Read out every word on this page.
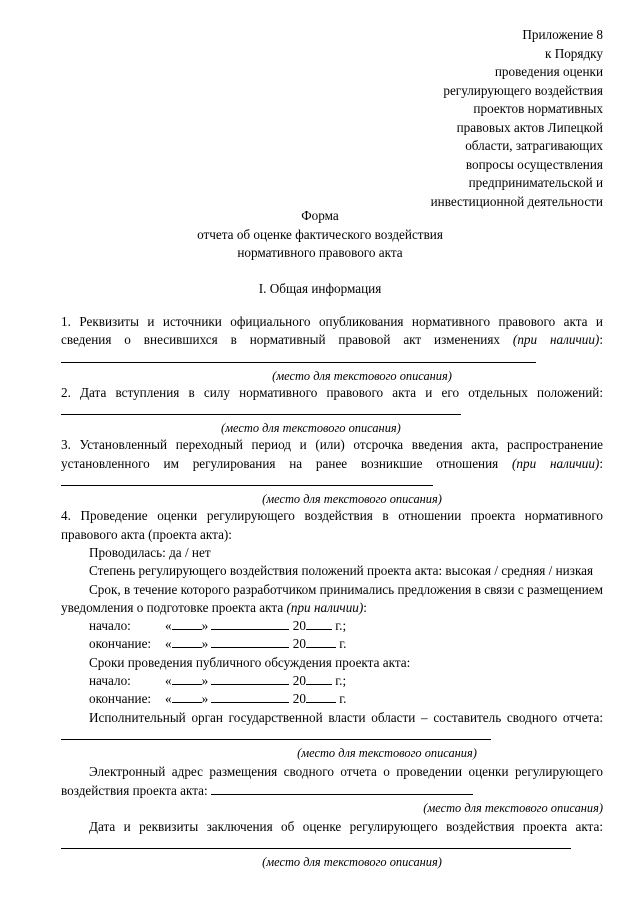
Приложение 8
к Порядку
проведения оценки
регулирующего воздействия
проектов нормативных
правовых актов Липецкой
области, затрагивающих
вопросы осуществления
предпринимательской и
инвестиционной деятельности
Форма
отчета об оценке фактического воздействия
нормативного правового акта
I. Общая информация
1. Реквизиты и источники официального опубликования нормативного правового акта и сведения о внесившихся в нормативный правовой акт изменениях (при наличии):
(место для текстового описания)
2. Дата вступления в силу нормативного правового акта и его отдельных положений:
(место для текстового описания)
3. Установленный переходный период и (или) отсрочка введения акта, распространение установленного им регулирования на ранее возникшие отношения (при наличии):
(место для текстового описания)
4. Проведение оценки регулирующего воздействия в отношении проекта нормативного правового акта (проекта акта):
Проводилась: да / нет
Степень регулирующего воздействия положений проекта акта: высокая / средняя / низкая
Срок, в течение которого разработчиком принимались предложения в связи с размещением уведомления о подготовке проекта акта (при наличии):
начало:	« »	20 г.;
окончание: « »	20	г.
Сроки проведения публичного обсуждения проекта акта:
начало:	« »	20 г.;
окончание: « »	20	г.
Исполнительный орган государственной власти области – составитель сводного отчета:
(место для текстового описания)
Электронный адрес размещения сводного отчета о проведении оценки регулирующего воздействия проекта акта:
(место для текстового описания)
Дата и реквизиты заключения об оценке регулирующего воздействия проекта акта:
(место для текстового описания)
